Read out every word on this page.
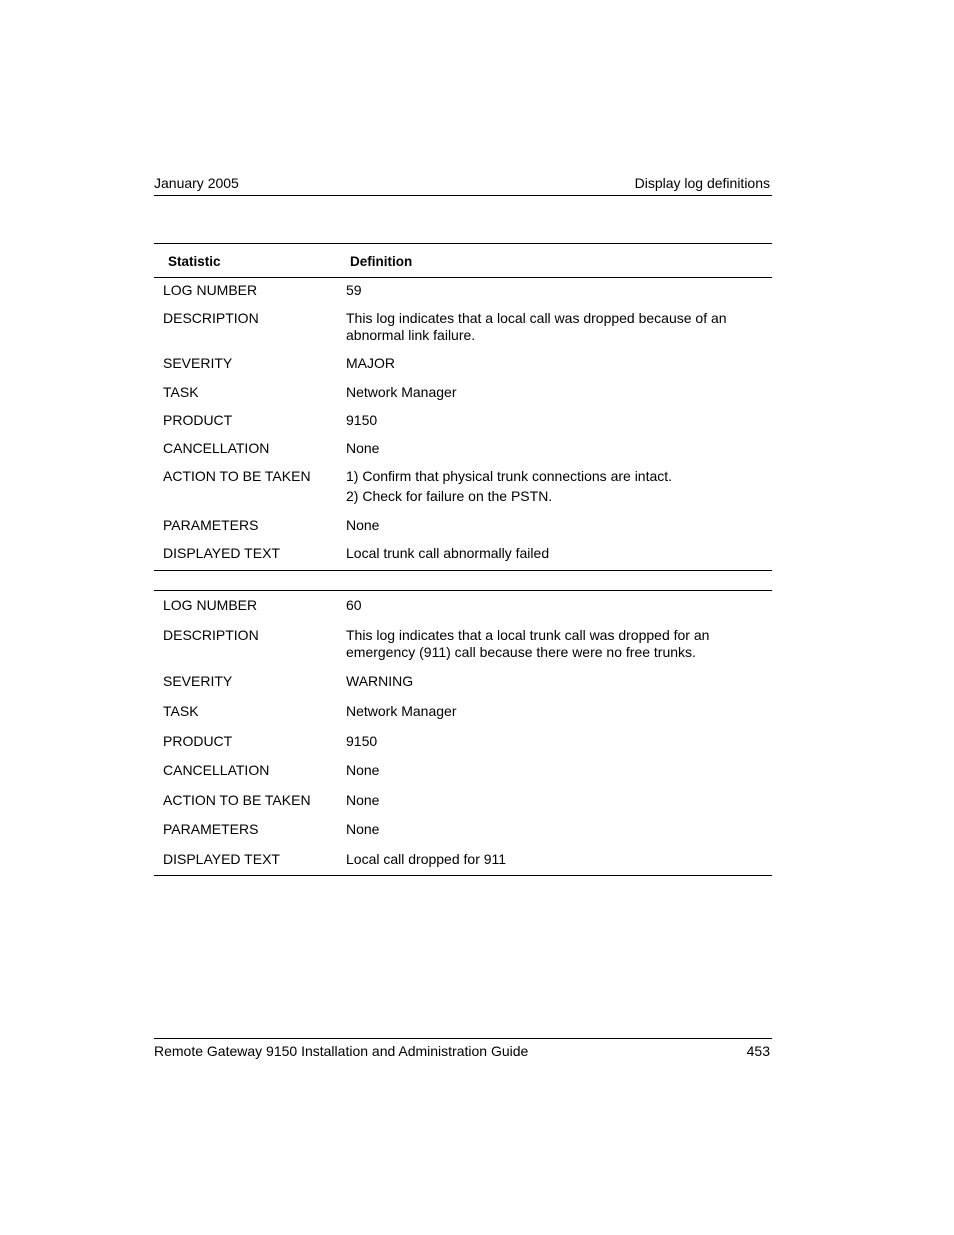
January 2005	Display log definitions
Statistic	Definition
LOG NUMBER	59
DESCRIPTION	This log indicates that a local call was dropped because of an abnormal link failure.
SEVERITY	MAJOR
TASK	Network Manager
PRODUCT	9150
CANCELLATION	None
ACTION TO BE TAKEN	1) Confirm that physical trunk connections are intact.
2) Check for failure on the PSTN.
PARAMETERS	None
DISPLAYED TEXT	Local trunk call abnormally failed
LOG NUMBER	60
DESCRIPTION	This log indicates that a local trunk call was dropped for an emergency (911) call because there were no free trunks.
SEVERITY	WARNING
TASK	Network Manager
PRODUCT	9150
CANCELLATION	None
ACTION TO BE TAKEN	None
PARAMETERS	None
DISPLAYED TEXT	Local call dropped for 911
Remote Gateway 9150 Installation and Administration Guide	453
